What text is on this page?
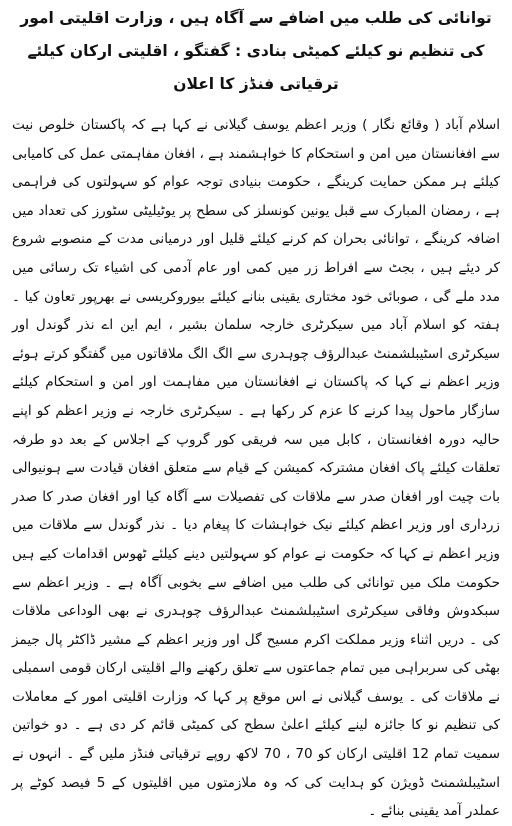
توانائی کی طلب میں اضافے سے آگاہ ہیں ، وزارت اقلیتی امور کی تنظیم نو کیلئے کمیٹی بنادی : گفتگو ، اقلیتی ارکان کیلئے ترقیاتی فنڈز کا اعلان

اسلام آباد ( وقائع نگار ) وزیر اعظم یوسف گیلانی نے کہا ہے کہ پاکستان خلوص نیت سے افغانستان میں امن و استحکام کا خواہشمند ہے ، افغان مفاہمتی عمل کی کامیابی کیلئے ہر ممکن حمایت کرینگے ، حکومت بنیادی توجہ عوام کو سہولتوں کی فراہمی ہے ، رمضان المبارک سے قبل یونین کونسلز کی سطح پر یوٹیلیٹی سٹورز کی تعداد میں اضافہ کرینگے ، توانائی بحران کم کرنے کیلئے قلیل اور درمیانی مدت کے منصوبے شروع کر دیئے ہیں ، بجٹ سے افراط زر میں کمی اور عام آدمی کی اشیاء تک رسائی میں مدد ملے گی ، صوبائی خود مختاری یقینی بنانے کیلئے بیوروکریسی نے بھرپور تعاون کیا ۔ ہفتہ کو اسلام آباد میں سیکرٹری خارجہ سلمان بشیر ، ایم این اے نذر گوندل اور سیکرٹری اسٹیبلشمنٹ عبدالرؤف چوہدری سے الگ الگ ملاقاتوں میں گفتگو کرتے ہوئے وزیر اعظم نے کہا کہ پاکستان نے افغانستان میں مفاہمت اور امن و استحکام کیلئے سازگار ماحول پیدا کرنے کا عزم کر رکھا ہے ۔ سیکرٹری خارجہ نے وزیر اعظم کو اپنے حالیہ دورہ افغانستان ، کابل میں سہ فریقی کور گروپ کے اجلاس کے بعد دو طرفہ تعلقات کیلئے پاک افغان مشترکہ کمیشن کے قیام سے متعلق افغان قیادت سے ہونیوالی بات چیت اور افغان صدر سے ملاقات کی تفصیلات سے آگاہ کیا اور افغان صدر کا صدر زرداری اور وزیر اعظم کیلئے نیک خواہشات کا پیغام دیا ۔ نذر گوندل سے ملاقات میں وزیر اعظم نے کہا کہ حکومت نے عوام کو سہولتیں دینے کیلئے ٹھوس اقدامات کیے ہیں حکومت ملک میں توانائی کی طلب میں اضافے سے بخوبی آگاہ ہے ۔ وزیر اعظم سے سبکدوش وفاقی سیکرٹری اسٹیبلشمنٹ عبدالرؤف چوہدری نے بھی الوداعی ملاقات کی ۔ دریں اثناء وزیر مملکت اکرم مسیح گل اور وزیر اعظم کے مشیر ڈاکٹر پال جیمز بھٹی کی سربراہی میں تمام جماعتوں سے تعلق رکھنے والے اقلیتی ارکان قومی اسمبلی نے ملاقات کی ۔ یوسف گیلانی نے اس موقع پر کہا کہ وزارت اقلیتی امور کے معاملات کی تنظیم نو کا جائزہ لینے کیلئے اعلیٰ سطح کی کمیٹی قائم کر دی ہے ۔ دو خواتین سمیت تمام 12 اقلیتی ارکان کو 70 ، 70 لاکھ روپے ترقیاتی فنڈز ملیں گے ۔ انہوں نے اسٹیبلشمنٹ ڈویژن کو ہدایت کی کہ وہ ملازمتوں میں اقلیتوں کے 5 فیصد کوٹے پر عملدر آمد یقینی بنائے ۔
